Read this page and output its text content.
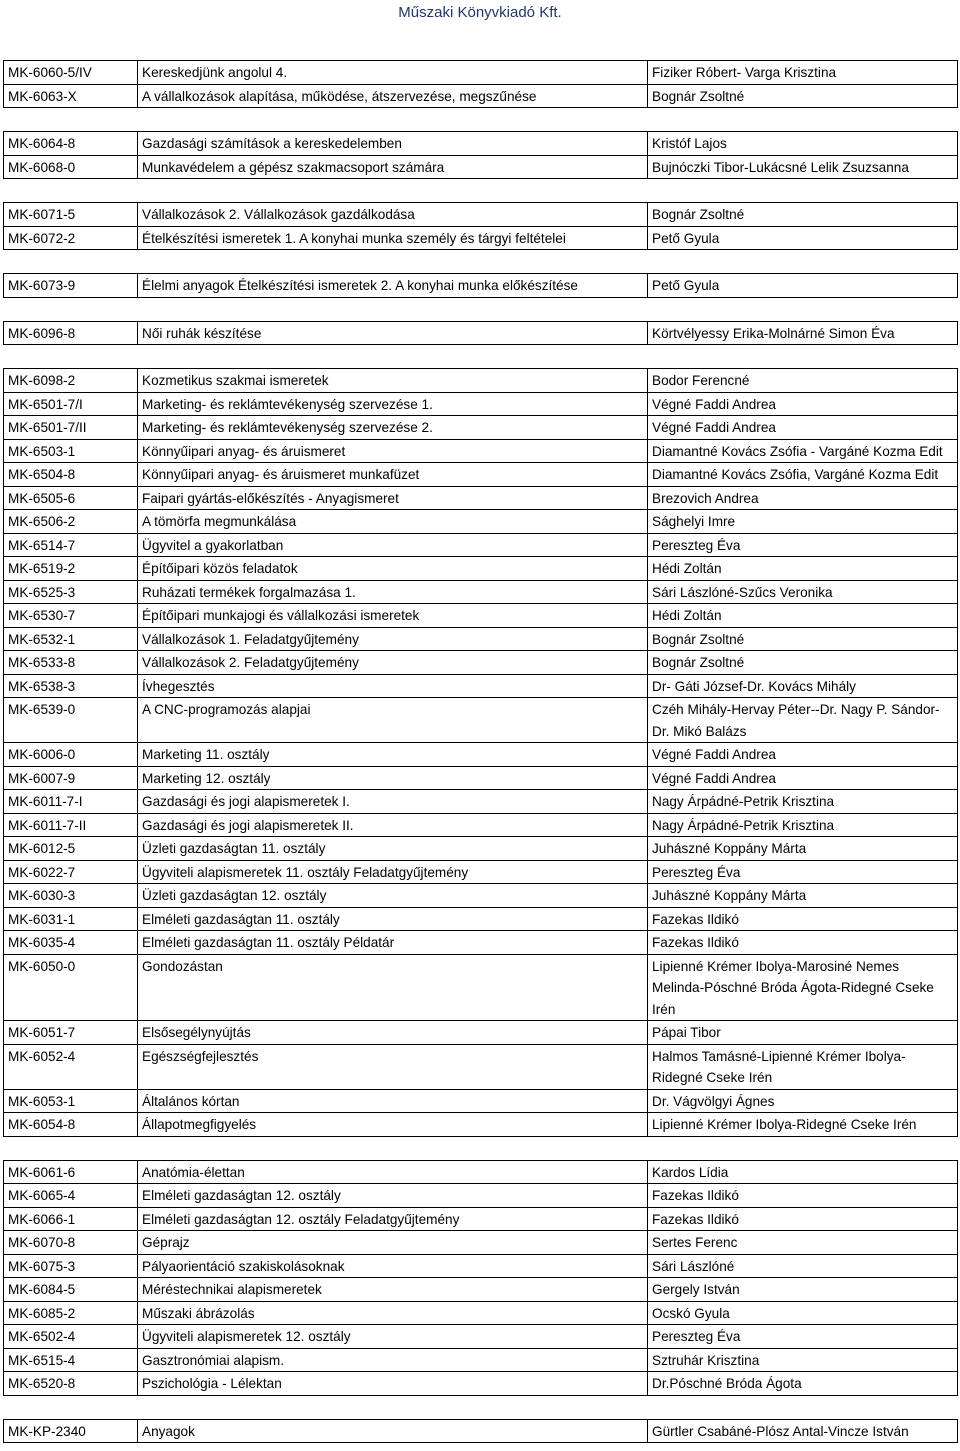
Műszaki Könyvkiadó Kft.
MK-6060-5/IV	Kereskedjünk angolul 4.	Fiziker Róbert- Varga Krisztina
MK-6063-X	A vállalkozások alapítása, működése, átszervezése, megszűnése	Bognár Zsoltné

MK-6064-8	Gazdasági számítások a kereskedelemben	Kristóf Lajos
MK-6068-0	Munkavédelem a gépész szakmacsoport számára	Bujnóczki Tibor-Lukácsné Lelik Zsuzsanna

MK-6071-5	Vállalkozások 2. Vállalkozások gazdálkodása	Bognár Zsoltné
MK-6072-2	Ételkészítési ismeretek 1. A konyhai munka személy és tárgyi feltételei	Pető Gyula

MK-6073-9	Élelmi anyagok Ételkészítési ismeretek 2. A konyhai munka előkészítése	Pető Gyula

MK-6096-8	Női ruhák készítése	Körtvélyessy Erika-Molnárné Simon Éva

MK-6098-2	Kozmetikus szakmai ismeretek	Bodor Ferencné
MK-6501-7/I	Marketing- és reklámtevékenység szervezése 1.	Végné Faddi Andrea
MK-6501-7/II	Marketing- és reklámtevékenység szervezése 2.	Végné Faddi Andrea
MK-6503-1	Könnyűipari anyag- és áruismeret	Diamantné Kovács Zsófia - Vargáné Kozma Edit
MK-6504-8	Könnyűipari anyag- és áruismeret munkafüzet	Diamantné Kovács Zsófia, Vargáné Kozma Edit
MK-6505-6	Faipari gyártás-előkészítés - Anyagismeret	Brezovich Andrea
MK-6506-2	A tömörfa megmunkálása	Sághelyi Imre
MK-6514-7	Ügyvitel a gyakorlatban	Pereszteg Éva
MK-6519-2	Építőipari közös feladatok	Hédi Zoltán
MK-6525-3	Ruházati termékek forgalmazása 1.	Sári Lászlóné-Szűcs Veronika
MK-6530-7	Építőipari munkajogi és vállalkozási ismeretek	Hédi Zoltán
MK-6532-1	Vállalkozások 1. Feladatgyűjtemény	Bognár Zsoltné
MK-6533-8	Vállalkozások 2. Feladatgyűjtemény	Bognár Zsoltné
MK-6538-3	Ívhegesztés	Dr- Gáti József-Dr. Kovács Mihály
MK-6539-0	A CNC-programozás alapjai	Czéh Mihály-Hervay Péter--Dr. Nagy P. Sándor-Dr. Mikó Balázs
MK-6006-0	Marketing 11. osztály	Végné Faddi Andrea
MK-6007-9	Marketing 12. osztály	Végné Faddi Andrea
MK-6011-7-I	Gazdasági és jogi alapismeretek I.	Nagy Árpádné-Petrik Krisztina
MK-6011-7-II	Gazdasági és jogi alapismeretek II.	Nagy Árpádné-Petrik Krisztina
MK-6012-5	Üzleti gazdaságtan 11. osztály	Juhászné Koppány Márta
MK-6022-7	Ügyviteli alapismeretek 11. osztály Feladatgyűjtemény	Pereszteg Éva
MK-6030-3	Üzleti gazdaságtan 12. osztály	Juhászné Koppány Márta
MK-6031-1	Elméleti gazdaságtan 11. osztály	Fazekas Ildikó
MK-6035-4	Elméleti gazdaságtan 11. osztály Példatár	Fazekas Ildikó
MK-6050-0	Gondozástan	Lipienné Krémer Ibolya-Marosiné Nemes Melinda-Póschné Bróda Ágota-Ridegné Cseke Irén
MK-6051-7	Elsősegélynyújtás	Pápai Tibor
MK-6052-4	Egészségfejlesztés	Halmos Tamásné-Lipienné Krémer Ibolya-Ridegné Cseke Irén
MK-6053-1	Általános kórtan	Dr. Vágvölgyi Ágnes
MK-6054-8	Állapotmegfigyelés	Lipienné Krémer Ibolya-Ridegné Cseke Irén

MK-6061-6	Anatómia-élettan	Kardos Lídia
MK-6065-4	Elméleti gazdaságtan 12. osztály	Fazekas Ildikó
MK-6066-1	Elméleti gazdaságtan 12. osztály Feladatgyűjtemény	Fazekas Ildikó
MK-6070-8	Géprajz	Sertes Ferenc
MK-6075-3	Pályaorientáció szakiskolásoknak	Sári Lászlóné
MK-6084-5	Méréstechnikai alapismeretek	Gergely István
MK-6085-2	Műszaki ábrázolás	Ocskó Gyula
MK-6502-4	Ügyviteli alapismeretek 12. osztály	Pereszteg Éva
MK-6515-4	Gasztronómiai alapism.	Sztruhár Krisztina
MK-6520-8	Pszichológia - Lélektan	Dr.Póschné Bróda Ágota

MK-KP-2340	Anyagok	Gürtler Csabáné-Plósz Antal-Vincze István
